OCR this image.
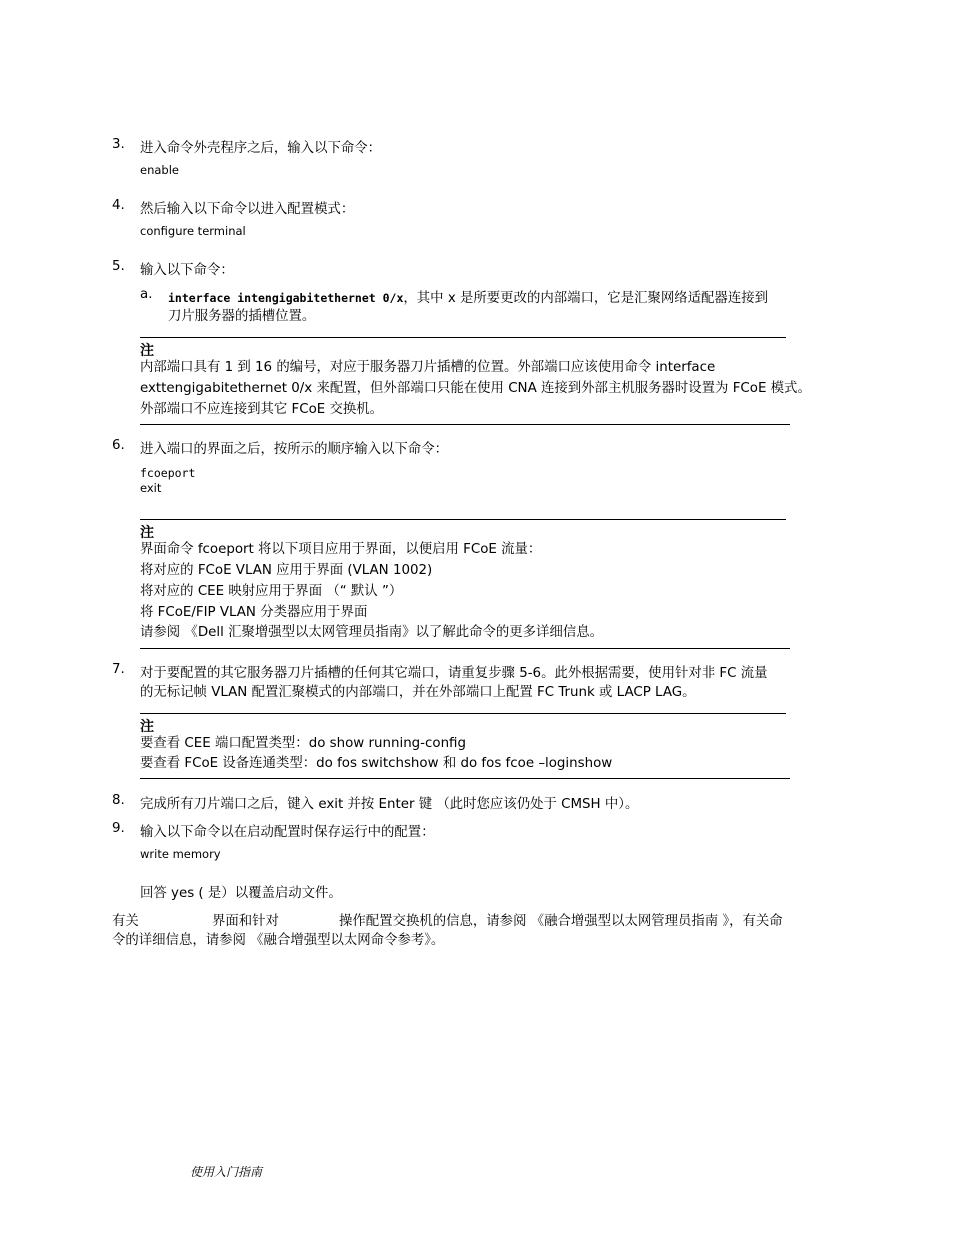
3.	进入命令外壳程序之后，输入以下命令：
enable
4.	然后输入以下命令以进入配置模式：
configure terminal
5.	输入以下命令：
a. interface intengigabitethernet 0/x，其中 x 是所要更改的内部端口，它是汇聚网络适配器连接到
刀片服务器的插槽位置。
注
内部端口具有 1 到 16 的编号，对应于服务器刀片插槽的位置。外部端口应该使用命令 interface
exttengigabitethernet 0/x 来配置，但外部端口只能在使用 CNA 连接到外部主机服务器时设置为 FCoE 模式。
外部端口不应连接到其它 FCoE 交换机。
6.	进入端口的界面之后，按所示的顺序输入以下命令：
fcoeport
exit
注
界面命令 fcoeport 将以下项目应用于界面，以便启用 FCoE 流量：
将对应的 FCoE VLAN 应用于界面 (VLAN 1002)
将对应的 CEE 映射应用于界面 （“ 默认 ”）
将 FCoE/FIP VLAN 分类器应用于界面
请参阅 《Dell 汇聚增强型以太网管理员指南》以了解此命令的更多详细信息。
7.	对于要配置的其它服务器刀片插槽的任何其它端口，请重复步骤 5-6。此外根据需要，使用针对非 FC 流量
的无标记帧 VLAN 配置汇聚模式的内部端口，并在外部端口上配置 FC Trunk 或 LACP LAG。
注
要查看 CEE 端口配置类型：do show running-config
要查看 FCoE 设备连通类型：do fos switchshow 和 do fos fcoe –loginshow
8.	完成所有刀片端口之后，键入 exit 并按 Enter 键 （此时您应该仍处于 CMSH 中）。
9.	输入以下命令以在启动配置时保存运行中的配置：
write memory
回答 yes ( 是）以覆盖启动文件。
有关	界面和针对	操作配置交换机的信息，请参阅 《融合增强型以太网管理员指南 》，有关命
令的详细信息，请参阅 《融合增强型以太网命令参考》。
使用入门指南
